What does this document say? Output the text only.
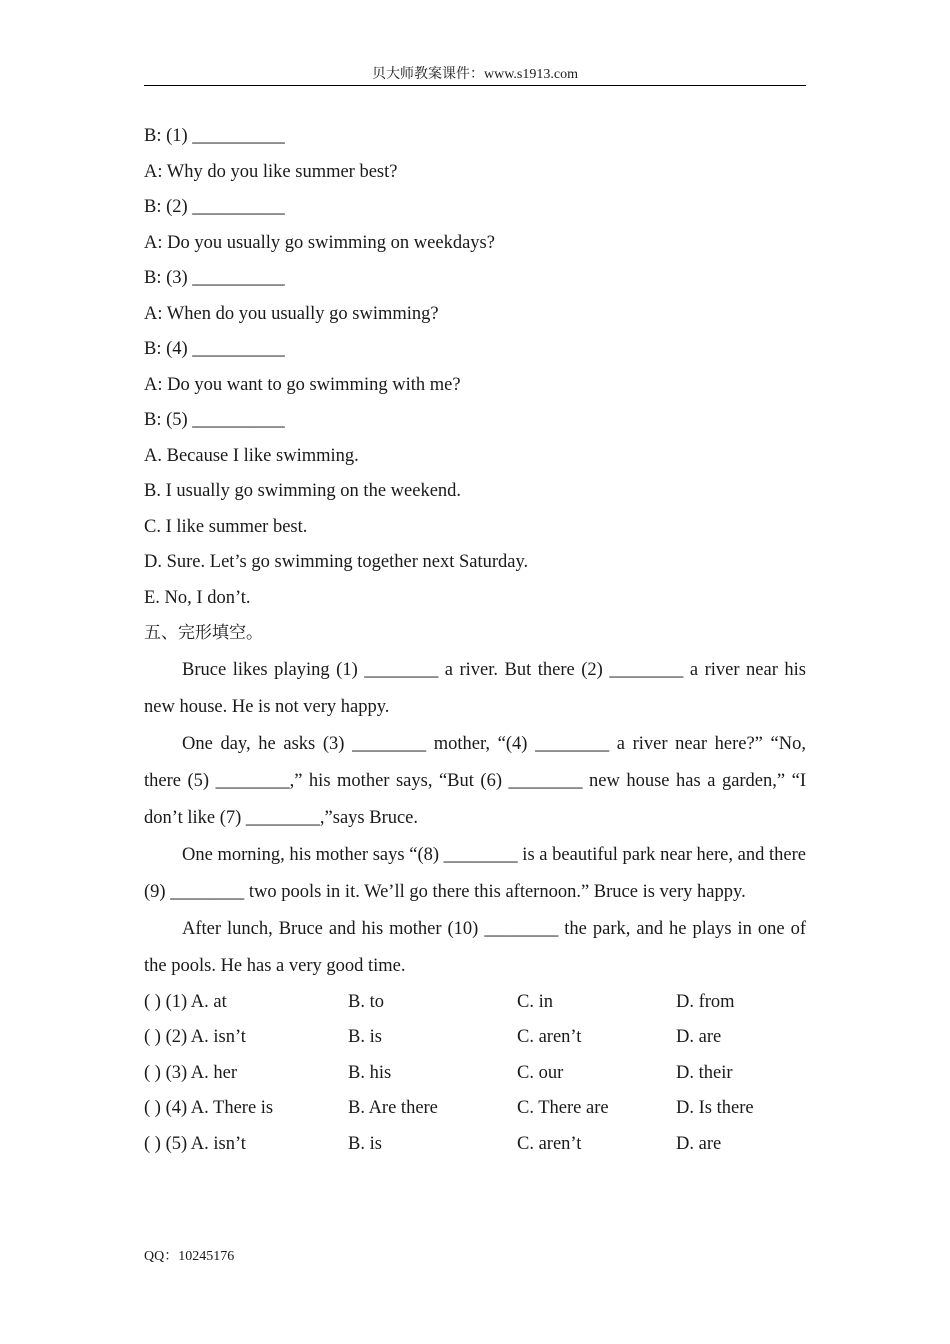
贝大师教案课件：www.s1913.com
B: (1) __________
A: Why do you like summer best?
B: (2) __________
A: Do you usually go swimming on weekdays?
B: (3) __________
A: When do you usually go swimming?
B: (4) __________
A: Do you want to go swimming with me?
B: (5) __________
A. Because I like swimming.
B. I usually go swimming on the weekend.
C. I like summer best.
D. Sure. Let’s go swimming together next Saturday.
E. No, I don’t.
五、完形填空。

Bruce likes playing (1) ________ a river. But there (2) ________ a river near his new house. He is not very happy.

One day, he asks (3) ________ mother, “(4) ________ a river near here?” “No, there (5) ________,” his mother says, “But (6) ________ new house has a garden,” “I don’t like (7) ________,”says Bruce.

One morning, his mother says “(8) ________ is a beautiful park near here, and there (9) ________ two pools in it. We’ll go there this afternoon.” Bruce is very happy.

After lunch, Bruce and his mother (10) ________ the park, and he plays in one of the pools. He has a very good time.

( ) (1) A. at	B. to	C. in	D. from
( ) (2) A. isn’t	B. is	C. aren’t	D. are
( ) (3) A. her	B. his	C. our	D. their
( ) (4) A. There is	B. Are there	C. There are	D. Is there
( ) (5) A. isn’t	B. is	C. aren’t	D. are
QQ：10245176
